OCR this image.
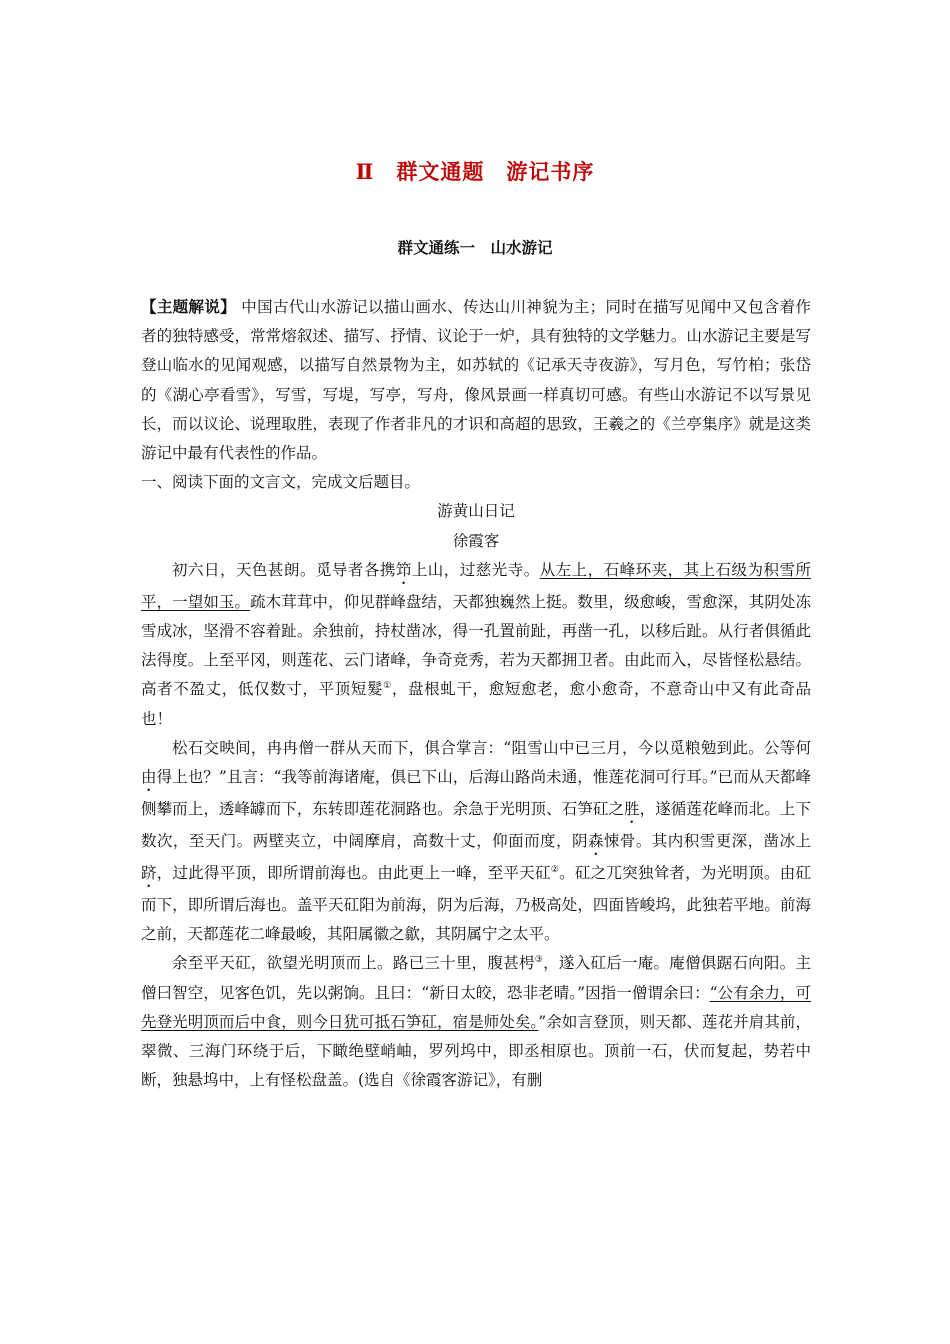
Ⅱ　群文通题　游记书序
群文通练一　山水游记

【主题解说】 中国古代山水游记以描山画水、传达山川神貌为主；同时在描写见闻中又包含着作者的独特感受，常常熔叙述、描写、抒情、议论于一炉，具有独特的文学魅力。山水游记主要是写登山临水的见闻观感，以描写自然景物为主，如苏轼的《记承天寺夜游》，写月色，写竹柏；张岱的《湖心亭看雪》，写雪，写堤，写亭，写舟，像风景画一样真切可感。有些山水游记不以写景见长，而以议论、说理取胜，表现了作者非凡的才识和高超的思致，王羲之的《兰亭集序》就是这类游记中最有代表性的作品。

一、阅读下面的文言文，完成文后题目。

游黄山日记

徐霞客

初六日，天色甚朗。觅导者各携笻上山，过慈光寺。从左上，石峰环夹，其上石级为积雪所平，一望如玉。疏木茸茸中，仰见群峰盘结，天都独巍然上挺。数里，级愈峻，雪愈深，其阴处冻雪成冰，坚滑不容着趾。余独前，持杖凿冰，得一孔置前趾，再凿一孔，以移后趾。从行者俱循此法得度。上至平冈，则莲花、云门诸峰，争奇竞秀，若为天都拥卫者。由此而入，尽皆怪松悬结。高者不盈丈，低仅数寸，平顶短髮①，盘根虬干，愈短愈老，愈小愈奇，不意奇山中又有此奇品也！

松石交映间，冉冉僧一群从天而下，俱合掌言：“阻雪山中已三月，今以觅粮勉到此。公等何由得上也？”且言：“我等前海诸庵，俱已下山，后海山路尚未通，惟莲花洞可行耳。”已而从天都峰侧攀而上，透峰罅而下，东转即莲花洞路也。余急于光明顶、石笋矼之胜，遂循莲花峰而北。上下数次，至天门。两壁夹立，中阔摩肩，高数十丈，仰面而度，阴森悚骨。其内积雪更深，凿冰上跻，过此得平顶，即所谓前海也。由此更上一峰，至平天矼②。矼之兀突独耸者，为光明顶。由矼而下，即所谓后海也。盖平天矼阳为前海，阴为后海，乃极高处，四面皆峻坞，此独若平地。前海之前，天都莲花二峰最峻，其阳属徽之歙，其阴属宁之太平。

余至平天矼，欲望光明顶而上。路已三十里，腹甚枵③，遂入矼后一庵。庵僧俱踞石向阳。主僧曰智空，见客色饥，先以粥饷。且曰：“新日太皎，恐非老晴。”因指一僧谓余曰：“公有余力，可先登光明顶而后中食，则今日犹可抵石笋矼，宿是师处矣。”余如言登顶，则天都、莲花并肩其前，翠微、三海门环绕于后，下瞰绝壁峭岫，罗列坞中，即丞相原也。顶前一石，伏而复起，势若中断，独悬坞中，上有怪松盘盖。(选自《徐霞客游记》，有删
